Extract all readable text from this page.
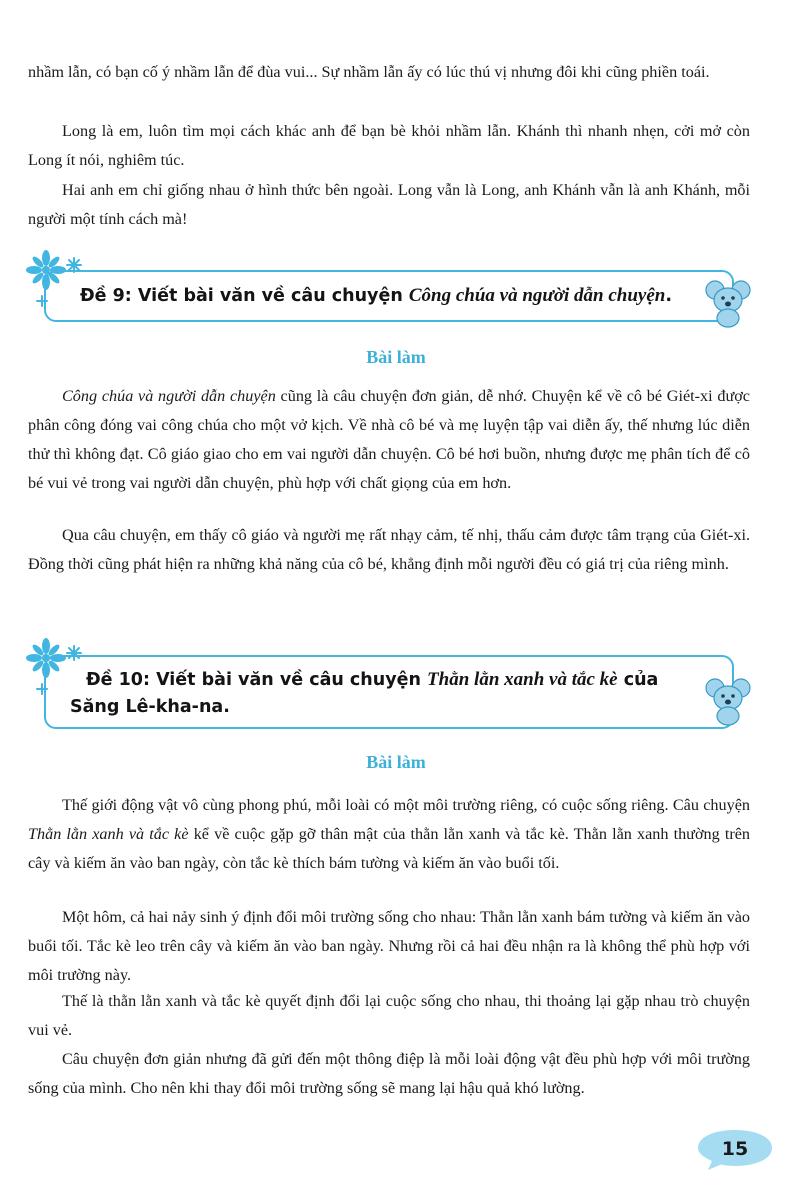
nhầm lẫn, có bạn cố ý nhầm lẫn để đùa vui... Sự nhầm lẫn ấy có lúc thú vị nhưng đôi khi cũng phiền toái.

Long là em, luôn tìm mọi cách khác anh để bạn bè khỏi nhầm lẫn. Khánh thì nhanh nhẹn, cởi mở còn Long ít nói, nghiêm túc.

Hai anh em chỉ giống nhau ở hình thức bên ngoài. Long vẫn là Long, anh Khánh vẫn là anh Khánh, mỗi người một tính cách mà!

Đề 9: Viết bài văn về câu chuyện Công chúa và người dẫn chuyện.
Bài làm

Công chúa và người dẫn chuyện cũng là câu chuyện đơn giản, dễ nhớ. Chuyện kể về cô bé Giét-xi được phân công đóng vai công chúa cho một vở kịch. Về nhà cô bé và mẹ luyện tập vai diễn ấy, thế nhưng lúc diễn thử thì không đạt. Cô giáo giao cho em vai người dẫn chuyện. Cô bé hơi buồn, nhưng được mẹ phân tích để cô bé vui vẻ trong vai người dẫn chuyện, phù hợp với chất giọng của em hơn.

Qua câu chuyện, em thấy cô giáo và người mẹ rất nhạy cảm, tế nhị, thấu cảm được tâm trạng của Giét-xi. Đồng thời cũng phát hiện ra những khả năng của cô bé, khẳng định mỗi người đều có giá trị của riêng mình.

Đề 10: Viết bài văn về câu chuyện Thằn lằn xanh và tắc kè của
Săng Lê-kha-na.
Bài làm

Thế giới động vật vô cùng phong phú, mỗi loài có một môi trường riêng, có cuộc sống riêng. Câu chuyện Thằn lằn xanh và tắc kè kể về cuộc gặp gỡ thân mật của thằn lằn xanh và tắc kè. Thằn lằn xanh thường trên cây và kiếm ăn vào ban ngày, còn tắc kè thích bám tường và kiếm ăn vào buổi tối.

Một hôm, cả hai nảy sinh ý định đổi môi trường sống cho nhau: Thằn lằn xanh bám tường và kiếm ăn vào buổi tối. Tắc kè leo trên cây và kiếm ăn vào ban ngày. Nhưng rồi cả hai đều nhận ra là không thể phù hợp với môi trường này.

Thế là thằn lằn xanh và tắc kè quyết định đổi lại cuộc sống cho nhau, thi thoảng lại gặp nhau trò chuyện vui vẻ.

Câu chuyện đơn giản nhưng đã gửi đến một thông điệp là mỗi loài động vật đều phù hợp với môi trường sống của mình. Cho nên khi thay đổi môi trường sống sẽ mang lại hậu quả khó lường.

15
